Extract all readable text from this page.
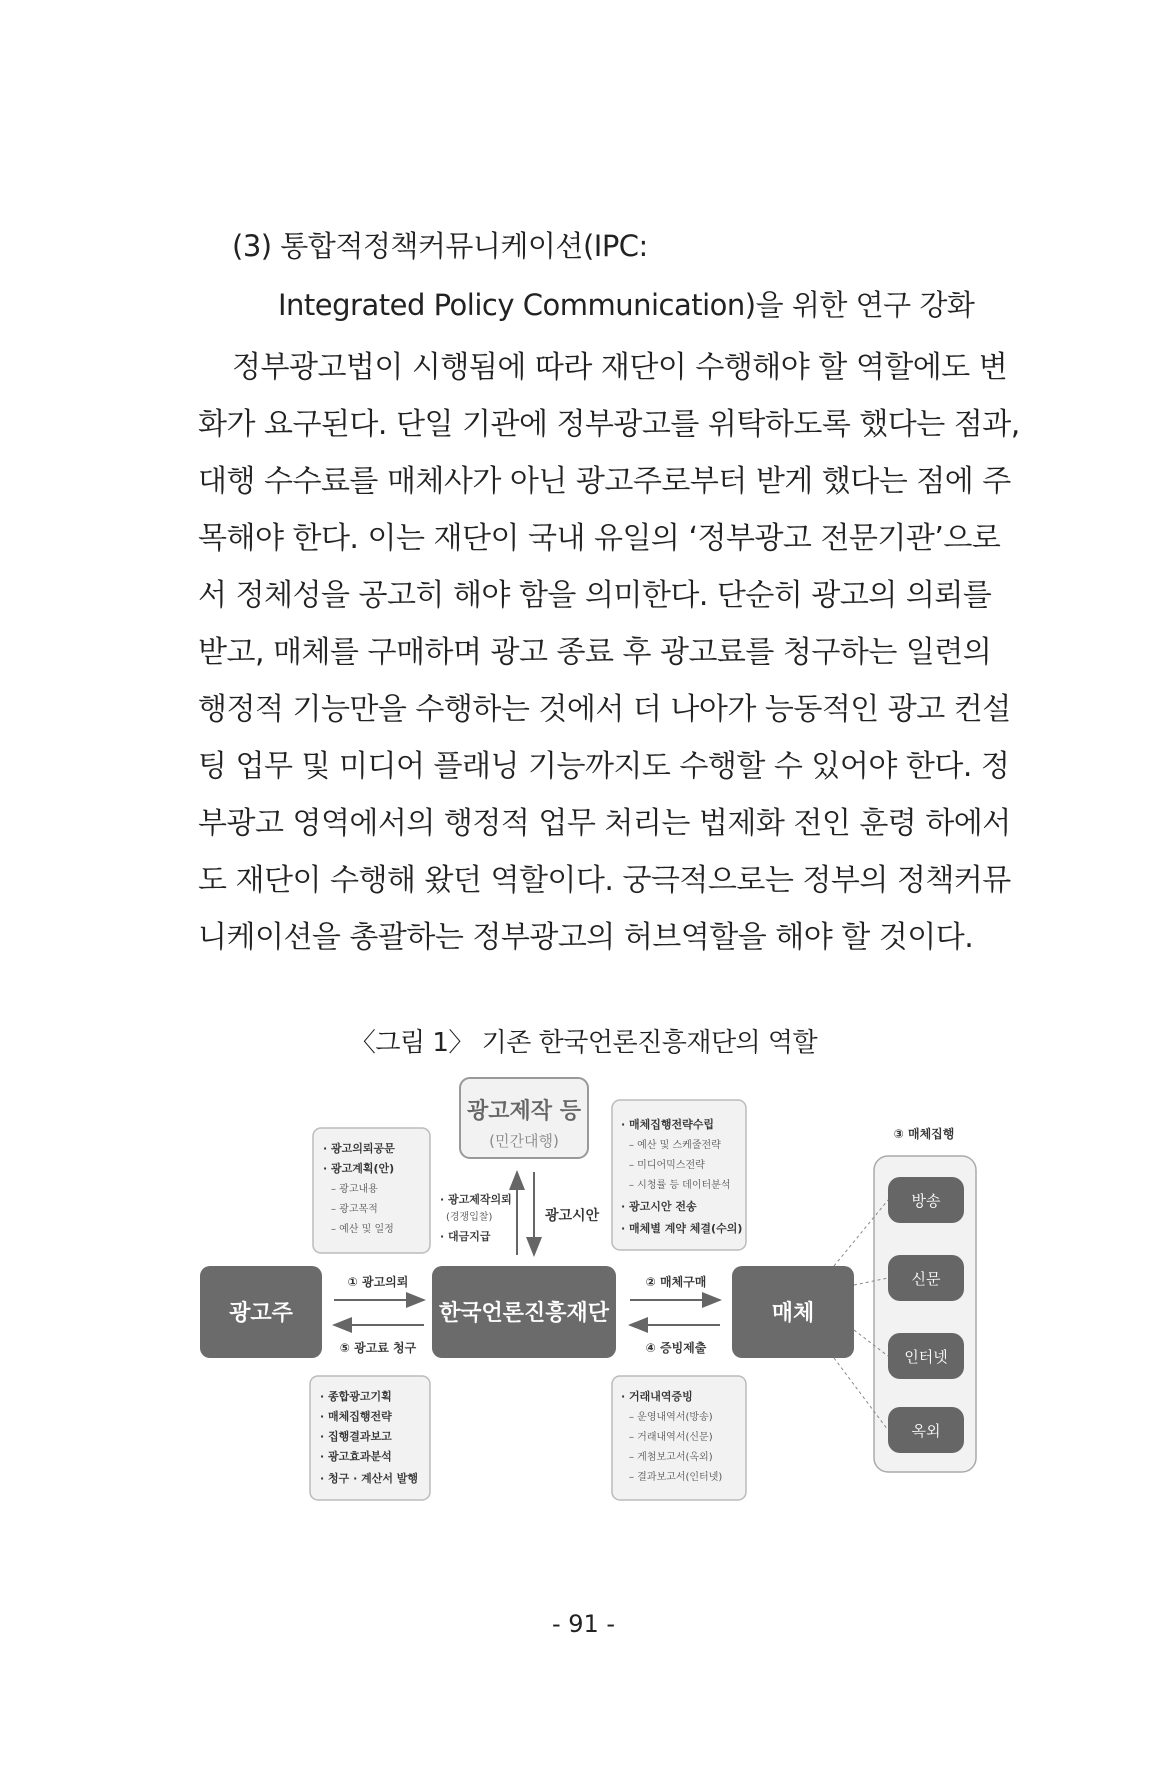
(3) 통합적정책커뮤니케이션(IPC:
Integrated Policy Communication)을 위한 연구 강화
정부광고법이 시행됨에 따라 재단이 수행해야 할 역할에도 변
화가 요구된다. 단일 기관에 정부광고를 위탁하도록 했다는 점과,
대행 수수료를 매체사가 아닌 광고주로부터 받게 했다는 점에 주
목해야 한다. 이는 재단이 국내 유일의 ‘정부광고 전문기관’으로
서 정체성을 공고히 해야 함을 의미한다. 단순히 광고의 의뢰를
받고, 매체를 구매하며 광고 종료 후 광고료를 청구하는 일련의
행정적 기능만을 수행하는 것에서 더 나아가 능동적인 광고 컨설
팅 업무 및 미디어 플래닝 기능까지도 수행할 수 있어야 한다. 정
부광고 영역에서의 행정적 업무 처리는 법제화 전인 훈령 하에서
도 재단이 수행해 왔던 역할이다. 궁극적으로는 정부의 정책커뮤
니케이션을 총괄하는 정부광고의 허브역할을 해야 할 것이다.
〈그림 1〉 기존 한국언론진흥재단의 역할
광고제작 등
(민간대행)
· 광고의뢰공문
· 광고계획(안)
– 광고내용
– 광고목적
– 예산 및 일정
· 매체집행전략수립
– 예산 및 스케줄전략
– 미디어믹스전략
– 시청률 등 데이터분석
· 광고시안 전송
· 매체별 계약 체결(수의)
· 광고제작의뢰
(경쟁입찰)
· 대금지급
광고시안
광고주	한국언론진흥재단	매체
① 광고의뢰
⑤ 광고료 청구
② 매체구매
④ 증빙제출
③ 매체집행
방송
신문
인터넷
옥외
· 종합광고기획
· 매체집행전략
· 집행결과보고
· 광고효과분석
· 청구 · 계산서 발행
· 거래내역증빙
– 운영내역서(방송)
– 거래내역서(신문)
– 게첨보고서(옥외)
– 결과보고서(인터넷)
- 91 -
